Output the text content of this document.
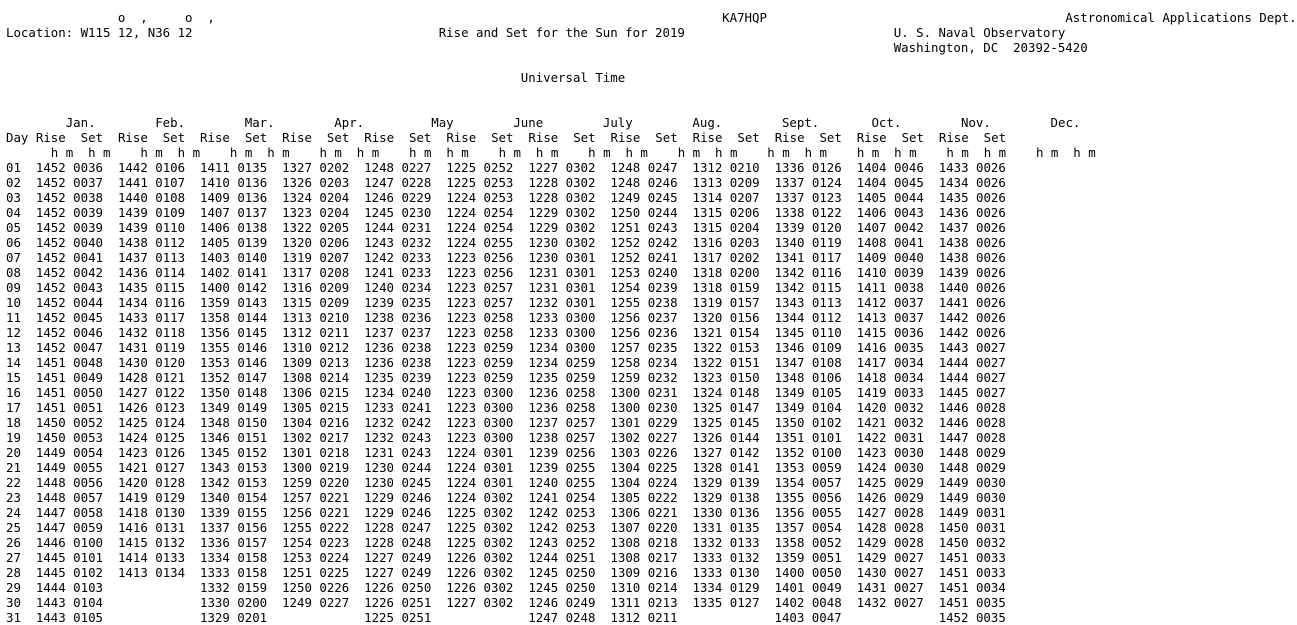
o  ,     o  ,	KA7HQP	Astronomical Applications Dept.
Location: W115 12, N36 12	Rise and Set for the Sun for 2019	U. S. Naval Observatory
Washington, DC  20392-5420

Universal Time

Jan.	Feb.	Mar.	Apr.	May	June	July	Aug.	Sept.	Oct.	Nov.	Dec.
Day Rise Set Rise Set Rise Set Rise Set Rise Set Rise Set Rise Set Rise Set Rise Set Rise Set Rise Set Rise Set
h m h m h m h m h m h m h m h m h m h m h m h m h m h m h m h m h m h m h m h m h m h m h m h m
01 1452 0036 1442 0106 1411 0135 1327 0202 1248 0227 1225 0252 1227 0302 1248 0247 1312 0210 1336 0126 1404 0046 1433 0026
02 1452 0037 1441 0107 1410 0136 1326 0203 1247 0228 1225 0253 1228 0302 1248 0246 1313 0209 1337 0124 1404 0045 1434 0026
03 1452 0038 1440 0108 1409 0136 1324 0204 1246 0229 1224 0253 1228 0302 1249 0245 1314 0207 1337 0123 1405 0044 1435 0026
04 1452 0039 1439 0109 1407 0137 1323 0204 1245 0230 1224 0254 1229 0302 1250 0244 1315 0206 1338 0122 1406 0043 1436 0026
05 1452 0039 1439 0110 1406 0138 1322 0205 1244 0231 1224 0254 1229 0302 1251 0243 1315 0204 1339 0120 1407 0042 1437 0026
06 1452 0040 1438 0112 1405 0139 1320 0206 1243 0232 1224 0255 1230 0302 1252 0242 1316 0203 1340 0119 1408 0041 1438 0026
07 1452 0041 1437 0113 1403 0140 1319 0207 1242 0233 1223 0256 1230 0301 1252 0241 1317 0202 1341 0117 1409 0040 1438 0026
08 1452 0042 1436 0114 1402 0141 1317 0208 1241 0233 1223 0256 1231 0301 1253 0240 1318 0200 1342 0116 1410 0039 1439 0026
09 1452 0043 1435 0115 1400 0142 1316 0209 1240 0234 1223 0257 1231 0301 1254 0239 1318 0159 1342 0115 1411 0038 1440 0026
10 1452 0044 1434 0116 1359 0143 1315 0209 1239 0235 1223 0257 1232 0301 1255 0238 1319 0157 1343 0113 1412 0037 1441 0026
11 1452 0045 1433 0117 1358 0144 1313 0210 1238 0236 1223 0258 1233 0300 1256 0237 1320 0156 1344 0112 1413 0037 1442 0026
12 1452 0046 1432 0118 1356 0145 1312 0211 1237 0237 1223 0258 1233 0300 1256 0236 1321 0154 1345 0110 1415 0036 1442 0026
13 1452 0047 1431 0119 1355 0146 1310 0212 1236 0238 1223 0259 1234 0300 1257 0235 1322 0153 1346 0109 1416 0035 1443 0027
14 1451 0048 1430 0120 1353 0146 1309 0213 1236 0238 1223 0259 1234 0259 1258 0234 1322 0151 1347 0108 1417 0034 1444 0027
15 1451 0049 1428 0121 1352 0147 1308 0214 1235 0239 1223 0259 1235 0259 1259 0232 1323 0150 1348 0106 1418 0034 1444 0027
16 1451 0050 1427 0122 1350 0148 1306 0215 1234 0240 1223 0300 1236 0258 1300 0231 1324 0148 1349 0105 1419 0033 1445 0027
17 1451 0051 1426 0123 1349 0149 1305 0215 1233 0241 1223 0300 1236 0258 1300 0230 1325 0147 1349 0104 1420 0032 1446 0028
18 1450 0052 1425 0124 1348 0150 1304 0216 1232 0242 1223 0300 1237 0257 1301 0229 1325 0145 1350 0102 1421 0032 1446 0028
19 1450 0053 1424 0125 1346 0151 1302 0217 1232 0243 1223 0300 1238 0257 1302 0227 1326 0144 1351 0101 1422 0031 1447 0028
20 1449 0054 1423 0126 1345 0152 1301 0218 1231 0243 1224 0301 1239 0256 1303 0226 1327 0142 1352 0100 1423 0030 1448 0029
21 1449 0055 1421 0127 1343 0153 1300 0219 1230 0244 1224 0301 1239 0255 1304 0225 1328 0141 1353 0059 1424 0030 1448 0029
22 1448 0056 1420 0128 1342 0153 1259 0220 1230 0245 1224 0301 1240 0255 1304 0224 1329 0139 1354 0057 1425 0029 1449 0030
23 1448 0057 1419 0129 1340 0154 1257 0221 1229 0246 1224 0302 1241 0254 1305 0222 1329 0138 1355 0056 1426 0029 1449 0030
24 1447 0058 1418 0130 1339 0155 1256 0221 1229 0246 1225 0302 1242 0253 1306 0221 1330 0136 1356 0055 1427 0028 1449 0031
25 1447 0059 1416 0131 1337 0156 1255 0222 1228 0247 1225 0302 1242 0253 1307 0220 1331 0135 1357 0054 1428 0028 1450 0031
26 1446 0100 1415 0132 1336 0157 1254 0223 1228 0248 1225 0302 1243 0252 1308 0218 1332 0133 1358 0052 1429 0028 1450 0032
27 1445 0101 1414 0133 1334 0158 1253 0224 1227 0249 1226 0302 1244 0251 1308 0217 1333 0132 1359 0051 1429 0027 1451 0033
28 1445 0102 1413 0134 1333 0158 1251 0225 1227 0249 1226 0302 1245 0250 1309 0216 1333 0130 1400 0050 1430 0027 1451 0033
29 1444 0103	1332 0159 1250 0226 1226 0250 1226 0302 1245 0250 1310 0214 1334 0129 1401 0049 1431 0027 1451 0034
30 1443 0104	1330 0200 1249 0227 1226 0251 1227 0302 1246 0249 1311 0213 1335 0127 1402 0048 1432 0027 1451 0035
31 1443 0105	1329 0201	1225 0251	1247 0248 1312 0211	1403 0047	1452 0035
